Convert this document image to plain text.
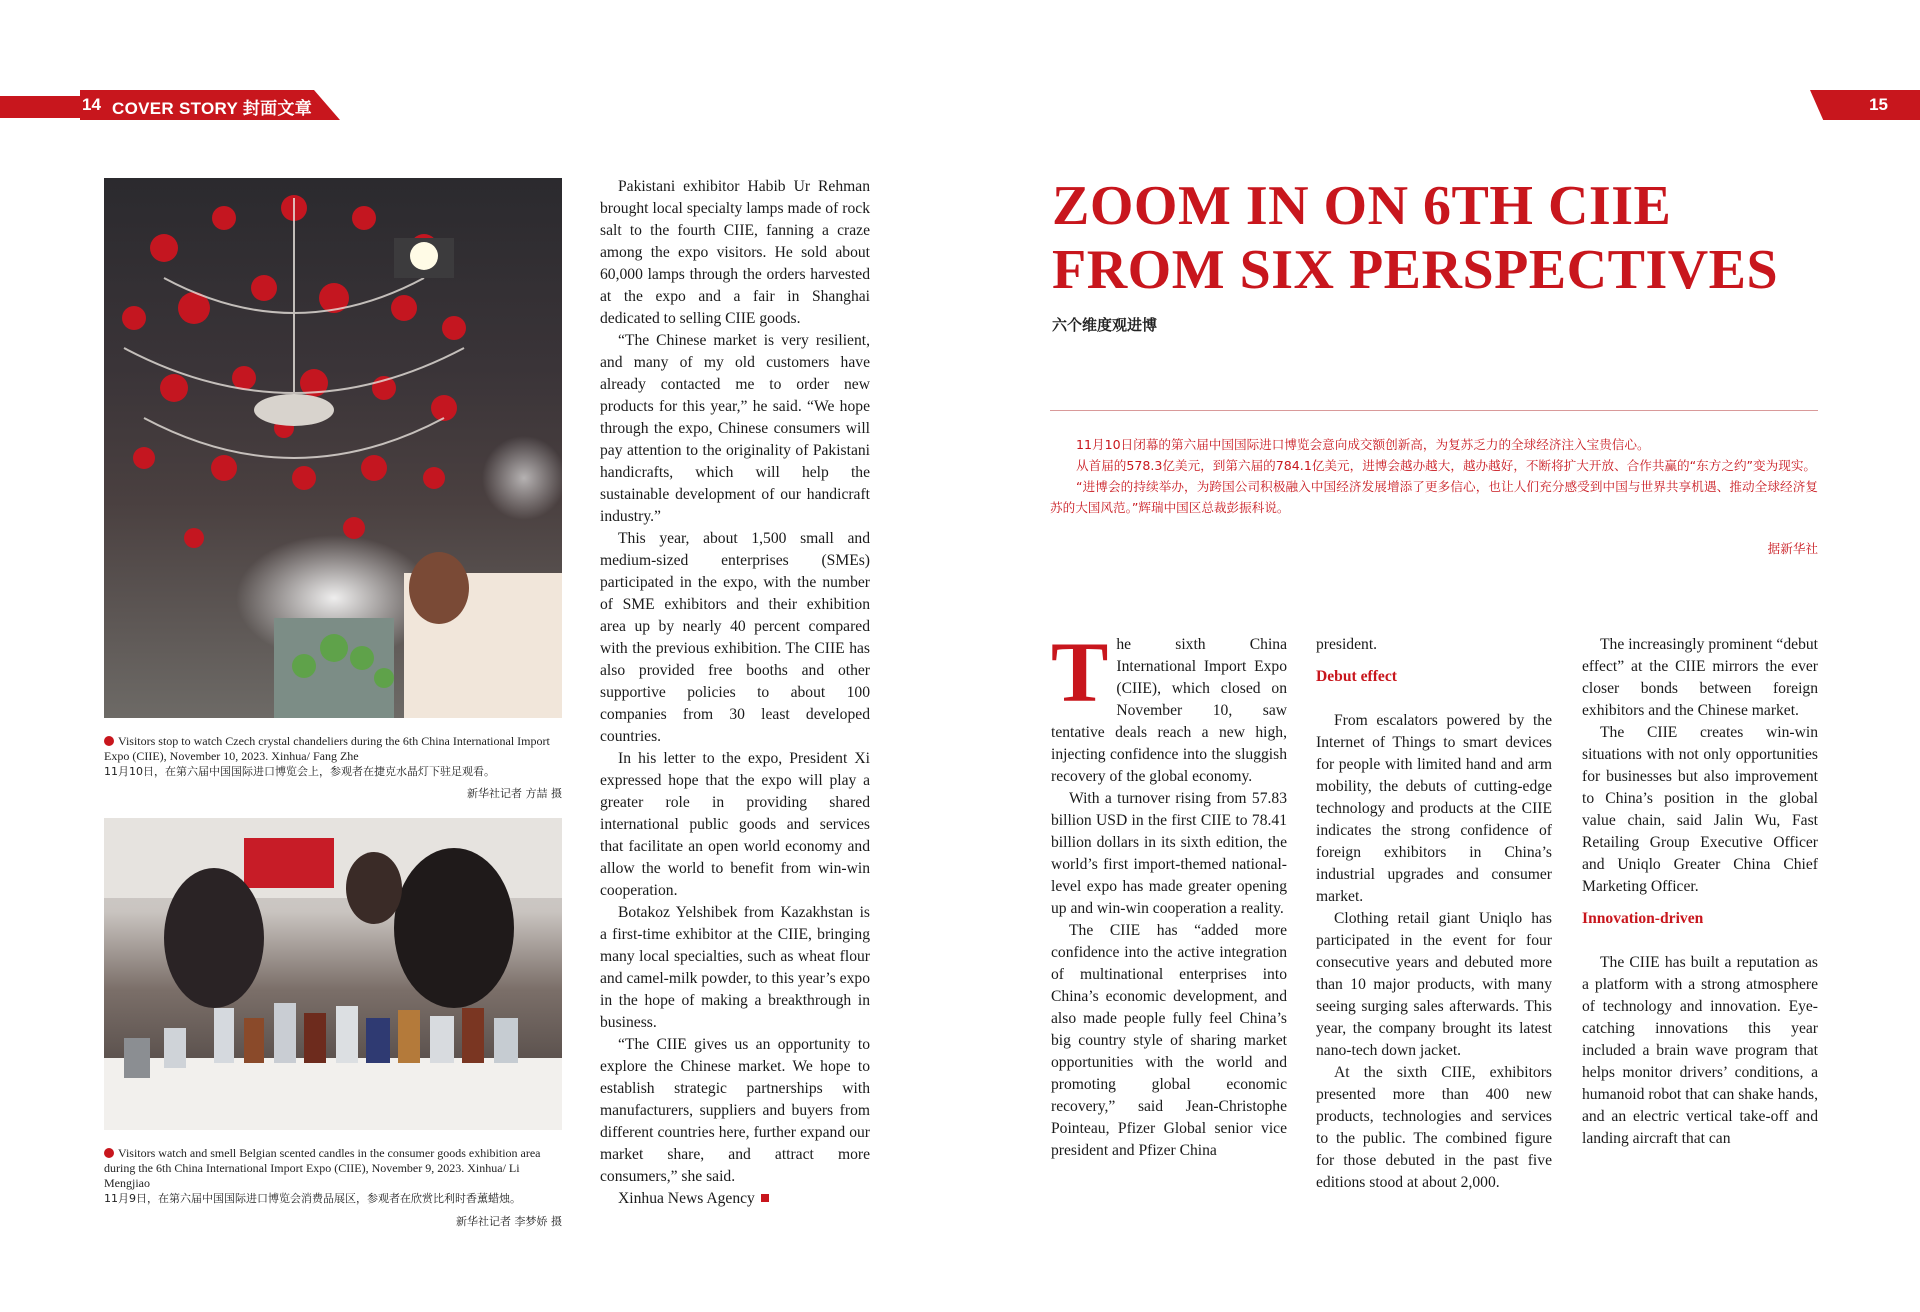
14 COVER STORY 封面文章	15
Visitors stop to watch Czech crystal chandeliers during the 6th China International Import Expo (CIIE), November 10, 2023. Xinhua/ Fang Zhe
11月10日，在第六届中国国际进口博览会上，参观者在捷克水晶灯下驻足观看。
新华社记者 方喆 摄
Visitors watch and smell Belgian scented candles in the consumer goods exhibition area during the 6th China International Import Expo (CIIE), November 9, 2023. Xinhua/ Li Mengjiao
11月9日，在第六届中国国际进口博览会消费品展区，参观者在欣赏比利时香薰蜡烛。
新华社记者 李梦娇 摄

Pakistani exhibitor Habib Ur Rehman brought local specialty lamps made of rock salt to the fourth CIIE, fanning a craze among the expo visitors. He sold about 60,000 lamps through the orders harvested at the expo and a fair in Shanghai dedicated to selling CIIE goods.

“The Chinese market is very resilient, and many of my old customers have already contacted me to order new products for this year,” he said. “We hope through the expo, Chinese consumers will pay attention to the originality of Pakistani handicrafts, which will help the sustainable development of our handicraft industry.”

This year, about 1,500 small and medium-sized enterprises (SMEs) participated in the expo, with the number of SME exhibitors and their exhibition area up by nearly 40 percent compared with the previous exhibition. The CIIE has also provided free booths and other supportive policies to about 100 companies from 30 least developed countries.

In his letter to the expo, President Xi expressed hope that the expo will play a greater role in providing shared international public goods and services that facilitate an open world economy and allow the world to benefit from win-win cooperation.

Botakoz Yelshibek from Kazakhstan is a first-time exhibitor at the CIIE, bringing many local specialties, such as wheat flour and camel-milk powder, to this year’s expo in the hope of making a breakthrough in business.

“The CIIE gives us an opportunity to explore the Chinese market. We hope to establish strategic partnerships with manufacturers, suppliers and buyers from different countries here, further expand our market share, and attract more consumers,” she said.

Xinhua News Agency

ZOOM IN ON 6TH CIIE FROM SIX PERSPECTIVES
六个维度观进博

11月10日闭幕的第六届中国国际进口博览会意向成交额创新高，为复苏乏力的全球经济注入宝贵信心。

从首届的578.3亿美元，到第六届的784.1亿美元，进博会越办越大，越办越好，不断将扩大开放、合作共赢的“东方之约”变为现实。

“进博会的持续举办，为跨国公司积极融入中国经济发展增添了更多信心，也让人们充分感受到中国与世界共享机遇、推动全球经济复苏的大国风范。”辉瑞中国区总裁彭振科说。

据新华社

The sixth China International Import Expo (CIIE), which closed on November 10, saw tentative deals reach a new high, injecting confidence into the sluggish recovery of the global economy.

With a turnover rising from 57.83 billion USD in the first CIIE to 78.41 billion dollars in its sixth edition, the world’s first import-themed national-level expo has made greater opening up and win-win cooperation a reality.

The CIIE has “added more confidence into the active integration of multinational enterprises into China’s economic development, and also made people fully feel China’s big country style of sharing market opportunities with the world and promoting global economic recovery,” said Jean-Christophe Pointeau, Pfizer Global senior vice president and Pfizer China

president.

Debut effect

From escalators powered by the Internet of Things to smart devices for people with limited hand and arm mobility, the debuts of cutting-edge technology and products at the CIIE indicates the strong confidence of foreign exhibitors in China’s industrial upgrades and consumer market.

Clothing retail giant Uniqlo has participated in the event for four consecutive years and debuted more than 10 major products, with many seeing surging sales afterwards. This year, the company brought its latest nano-tech down jacket.

At the sixth CIIE, exhibitors presented more than 400 new products, technologies and services to the public. The combined figure for those debuted in the past five editions stood at about 2,000.

The increasingly prominent “debut effect” at the CIIE mirrors the ever closer bonds between foreign exhibitors and the Chinese market.

The CIIE creates win-win situations with not only opportunities for businesses but also improvement to China’s position in the global value chain, said Jalin Wu, Fast Retailing Group Executive Officer and Uniqlo Greater China Chief Marketing Officer.

Innovation-driven

The CIIE has built a reputation as a platform with a strong atmosphere of technology and innovation. Eye-catching innovations this year included a brain wave program that helps monitor drivers’ conditions, a humanoid robot that can shake hands, and an electric vertical take-off and landing aircraft that can
